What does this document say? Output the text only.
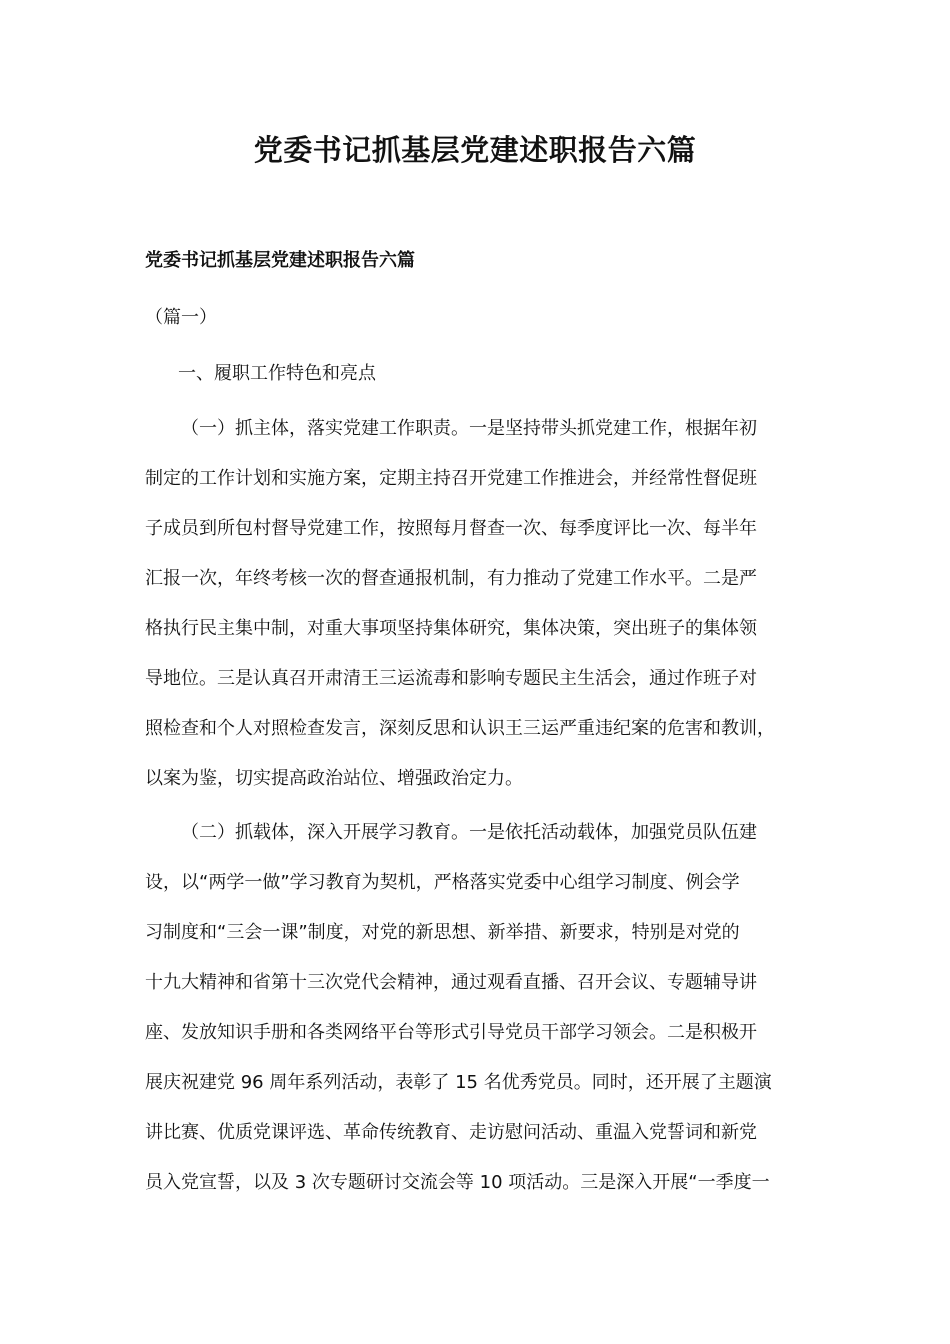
党委书记抓基层党建述职报告六篇

党委书记抓基层党建述职报告六篇

（篇一）

一、履职工作特色和亮点

（一）抓主体，落实党建工作职责。一是坚持带头抓党建工作，根据年初
制定的工作计划和实施方案，定期主持召开党建工作推进会，并经常性督促班
子成员到所包村督导党建工作，按照每月督查一次、每季度评比一次、每半年
汇报一次，年终考核一次的督查通报机制，有力推动了党建工作水平。二是严
格执行民主集中制，对重大事项坚持集体研究，集体决策，突出班子的集体领
导地位。三是认真召开肃清王三运流毒和影响专题民主生活会，通过作班子对
照检查和个人对照检查发言，深刻反思和认识王三运严重违纪案的危害和教训，
以案为鉴，切实提高政治站位、增强政治定力。
（二）抓载体，深入开展学习教育。一是依托活动载体，加强党员队伍建
设，以“两学一做”学习教育为契机，严格落实党委中心组学习制度、例会学
习制度和“三会一课”制度，对党的新思想、新举措、新要求，特别是对党的
十九大精神和省第十三次党代会精神，通过观看直播、召开会议、专题辅导讲
座、发放知识手册和各类网络平台等形式引导党员干部学习领会。二是积极开
展庆祝建党 96 周年系列活动，表彰了 15 名优秀党员。同时，还开展了主题演
讲比赛、优质党课评选、革命传统教育、走访慰问活动、重温入党誓词和新党
员入党宣誓，以及 3 次专题研讨交流会等 10 项活动。三是深入开展“一季度一
